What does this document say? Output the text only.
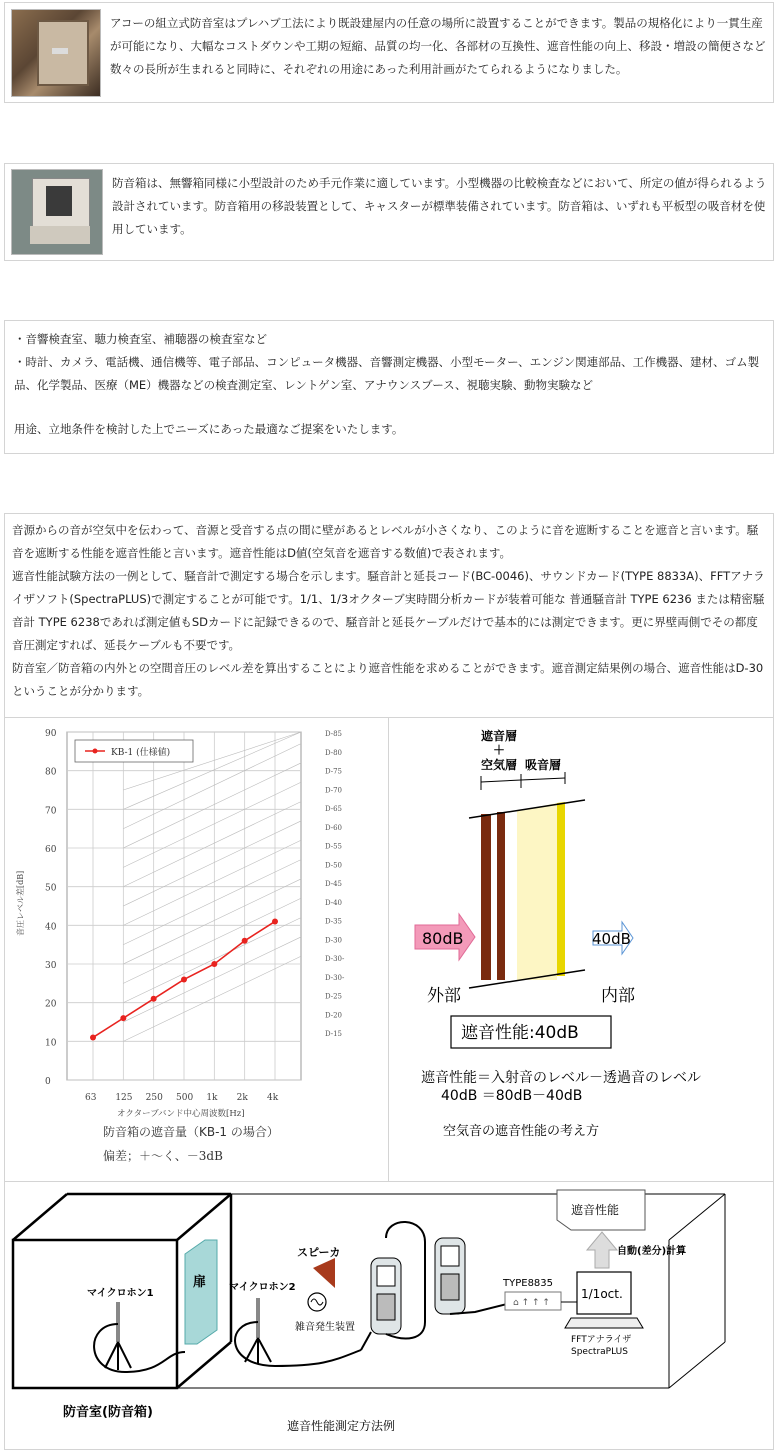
アコーの組立式防音室はプレハブ工法により既設建屋内の任意の場所に設置することができます。製品の規格化により一貫生産が可能になり、大幅なコストダウンや工期の短縮、品質の均一化、各部材の互換性、遮音性能の向上、移設・増設の簡便さなど数々の長所が生まれると同時に、それぞれの用途にあった利用計画がたてられるようになりました。
防音箱は、無響箱同様に小型設計のため手元作業に適しています。小型機器の比較検査などにおいて、所定の値が得られるよう設計されています。防音箱用の移設装置として、キャスターが標準装備されています。防音箱は、いずれも平板型の吸音材を使用しています。

・音響検査室、聴力検査室、補聴器の検査室など

・時計、カメラ、電話機、通信機等、電子部品、コンピュータ機器、音響測定機器、小型モーター、エンジン関連部品、工作機器、建材、ゴム製品、化学製品、医療（ME）機器などの検査測定室、レントゲン室、アナウンスブース、視聴実験、動物実験など

用途、立地条件を検討した上でニーズにあった最適なご提案をいたします。

音源からの音が空気中を伝わって、音源と受音する点の間に壁があるとレベルが小さくなり、このように音を遮断することを遮音と言います。騒音を遮断する性能を遮音性能と言います。遮音性能はD値(空気音を遮音する数値)で表されます。

遮音性能試験方法の一例として、騒音計で測定する場合を示します。騒音計と延長コード(BC-0046)、サウンドカード(TYPE 8833A)、FFTアナライザソフト(SpectraPLUS)で測定することが可能です。1/1、1/3オクターブ実時間分析カードが装着可能な 普通騒音計 TYPE 6236 または精密騒音計 TYPE 6238であれば測定値もSDカードに記録できるので、騒音計と延長ケーブルだけで基本的には測定できます。更に界壁両側でその都度音圧測定すれば、延長ケーブルも不要です。

防音室／防音箱の内外との空間音圧のレベル差を算出することにより遮音性能を求めることができます。遮音測定結果例の場合、遮音性能はD-30ということが分かります。

0
10
20
30
40
50
60
70
80
90
63 125 250 500 1k 2k 4k
D-85
D-80
D-75
D-70
D-65
D-60
D-55
D-50
D-45
D-40
D-35
D-30
D-30-
D-30-
D-25
D-20
D-15
音圧レベル差[dB]
オクターブバンド中心周波数[Hz]
KB-1 (仕様値)
防音箱の遮音量（KB-1 の場合）
偏差；＋〜く、－3dB
遮音層
＋
空気層 吸音層
80dB	40dB
外部	内部
遮音性能:40dB
遮音性能＝入射音のレベル－透過音のレベル
40dB ＝80dB－40dB
空気音の遮音性能の考え方
扉
マイクロホン1
マイクロホン2
スピーカ
雑音発生装置
TYPE8835
⌂ ↑ ↑ ↑
1/1oct.
FFTアナライザ
SpectraPLUS
遮音性能
自動(差分)計算
防音室(防音箱)
遮音性能測定方法例
